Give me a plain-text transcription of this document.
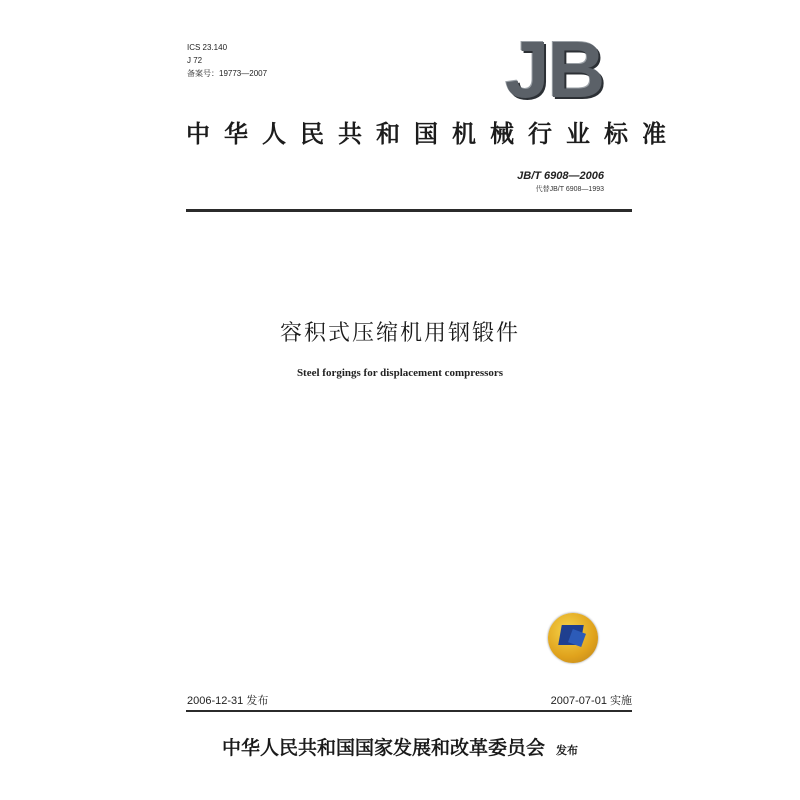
ICS 23.140
J 72
备案号：19773—2007	JB
中华人民共和国机械行业标准
JB/T 6908—2006
代替JB/T 6908—1993
容积式压缩机用钢锻件
Steel forgings for displacement compressors
2006-12-31 发布	2007-07-01 实施
中华人民共和国国家发展和改革委员会 发布
